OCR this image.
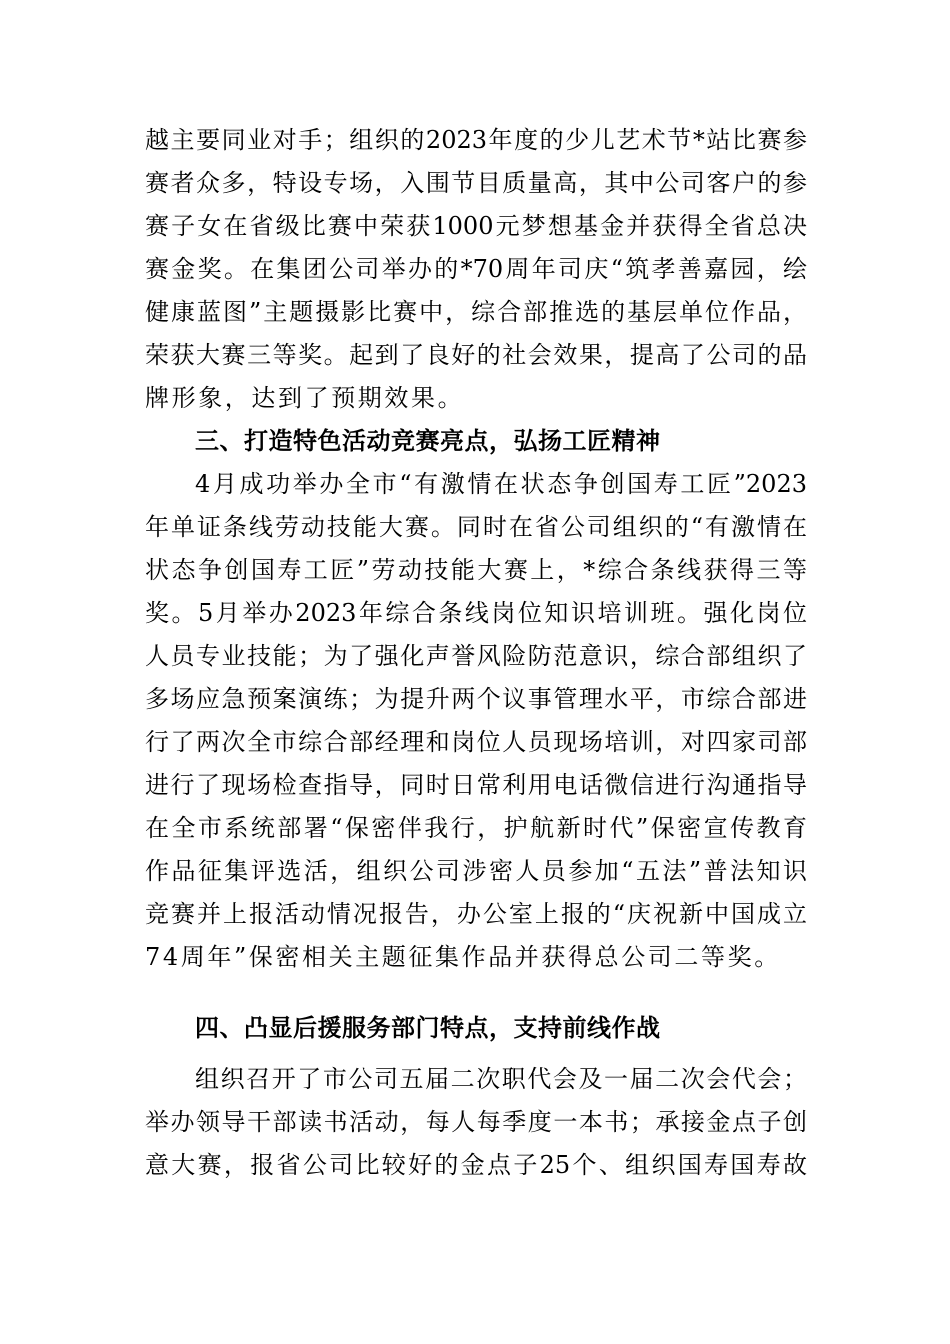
越主要同业对手；组织的2023年度的少儿艺术节*站比赛参
赛者众多，特设专场，入围节目质量高，其中公司客户的参
赛子女在省级比赛中荣获1000元梦想基金并获得全省总决
赛金奖。在集团公司举办的*70周年司庆“筑孝善嘉园，绘
健康蓝图”主题摄影比赛中，综合部推选的基层单位作品，
荣获大赛三等奖。起到了良好的社会效果，提高了公司的品
牌形象，达到了预期效果。
三、打造特色活动竞赛亮点，弘扬工匠精神
4月成功举办全市“有激情在状态争创国寿工匠”2023
年单证条线劳动技能大赛。同时在省公司组织的“有激情在
状态争创国寿工匠”劳动技能大赛上，*综合条线获得三等
奖。5月举办2023年综合条线岗位知识培训班。强化岗位
人员专业技能；为了强化声誉风险防范意识，综合部组织了
多场应急预案演练；为提升两个议事管理水平，市综合部进
行了两次全市综合部经理和岗位人员现场培训，对四家司部
进行了现场检查指导，同时日常利用电话微信进行沟通指导
在全市系统部署“保密伴我行，护航新时代”保密宣传教育
作品征集评选活，组织公司涉密人员参加“五法”普法知识
竞赛并上报活动情况报告，办公室上报的“庆祝新中国成立
74周年”保密相关主题征集作品并获得总公司二等奖。
四、凸显后援服务部门特点，支持前线作战
组织召开了市公司五届二次职代会及一届二次会代会；
举办领导干部读书活动，每人每季度一本书；承接金点子创
意大赛，报省公司比较好的金点子25个、组织国寿国寿故
